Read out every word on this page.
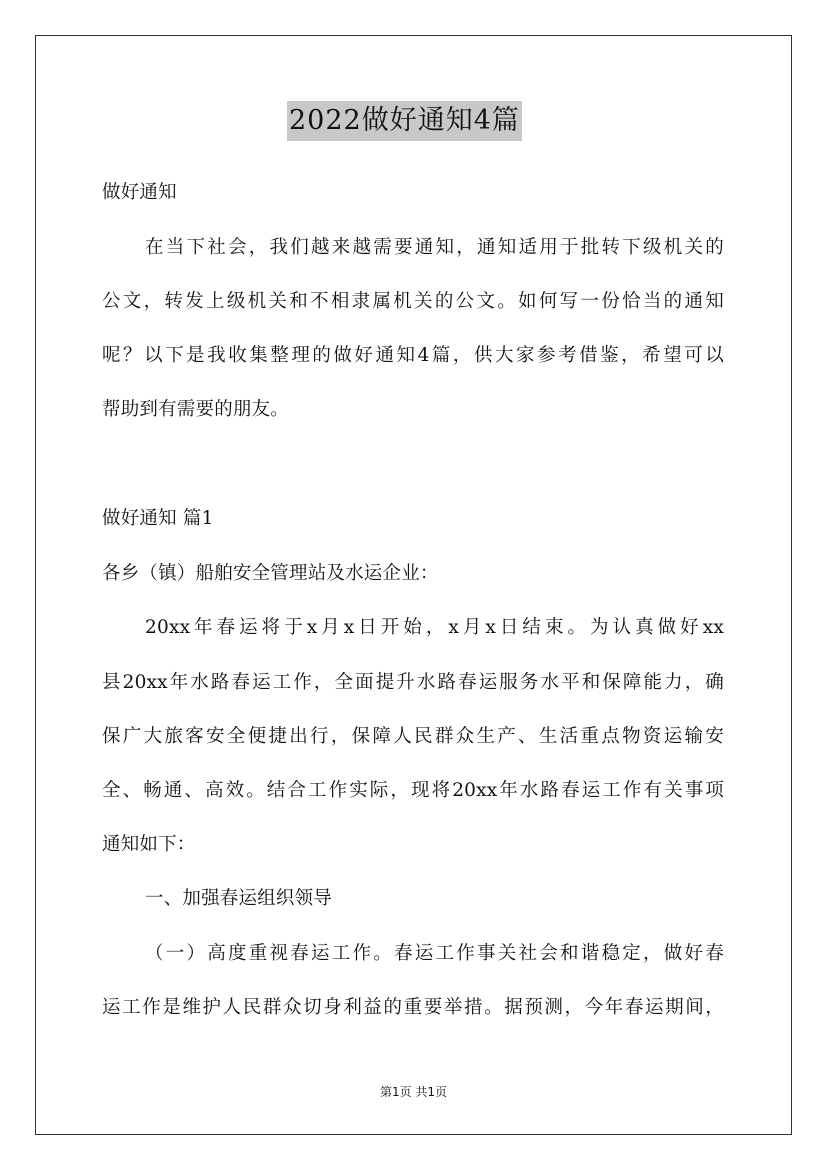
2022做好通知4篇
做好通知
在当下社会，我们越来越需要通知，通知适用于批转下级机关的
公文，转发上级机关和不相隶属机关的公文。如何写一份恰当的通知
呢？以下是我收集整理的做好通知4篇，供大家参考借鉴，希望可以
帮助到有需要的朋友。
做好通知 篇1
各乡（镇）船舶安全管理站及水运企业：
20xx年春运将于x月x日开始，x月x日结束。为认真做好xx
县20xx年水路春运工作，全面提升水路春运服务水平和保障能力，确
保广大旅客安全便捷出行，保障人民群众生产、生活重点物资运输安
全、畅通、高效。结合工作实际，现将20xx年水路春运工作有关事项
通知如下：
一、加强春运组织领导
（一）高度重视春运工作。春运工作事关社会和谐稳定，做好春
运工作是维护人民群众切身利益的重要举措。据预测，今年春运期间，
第1页 共1页
